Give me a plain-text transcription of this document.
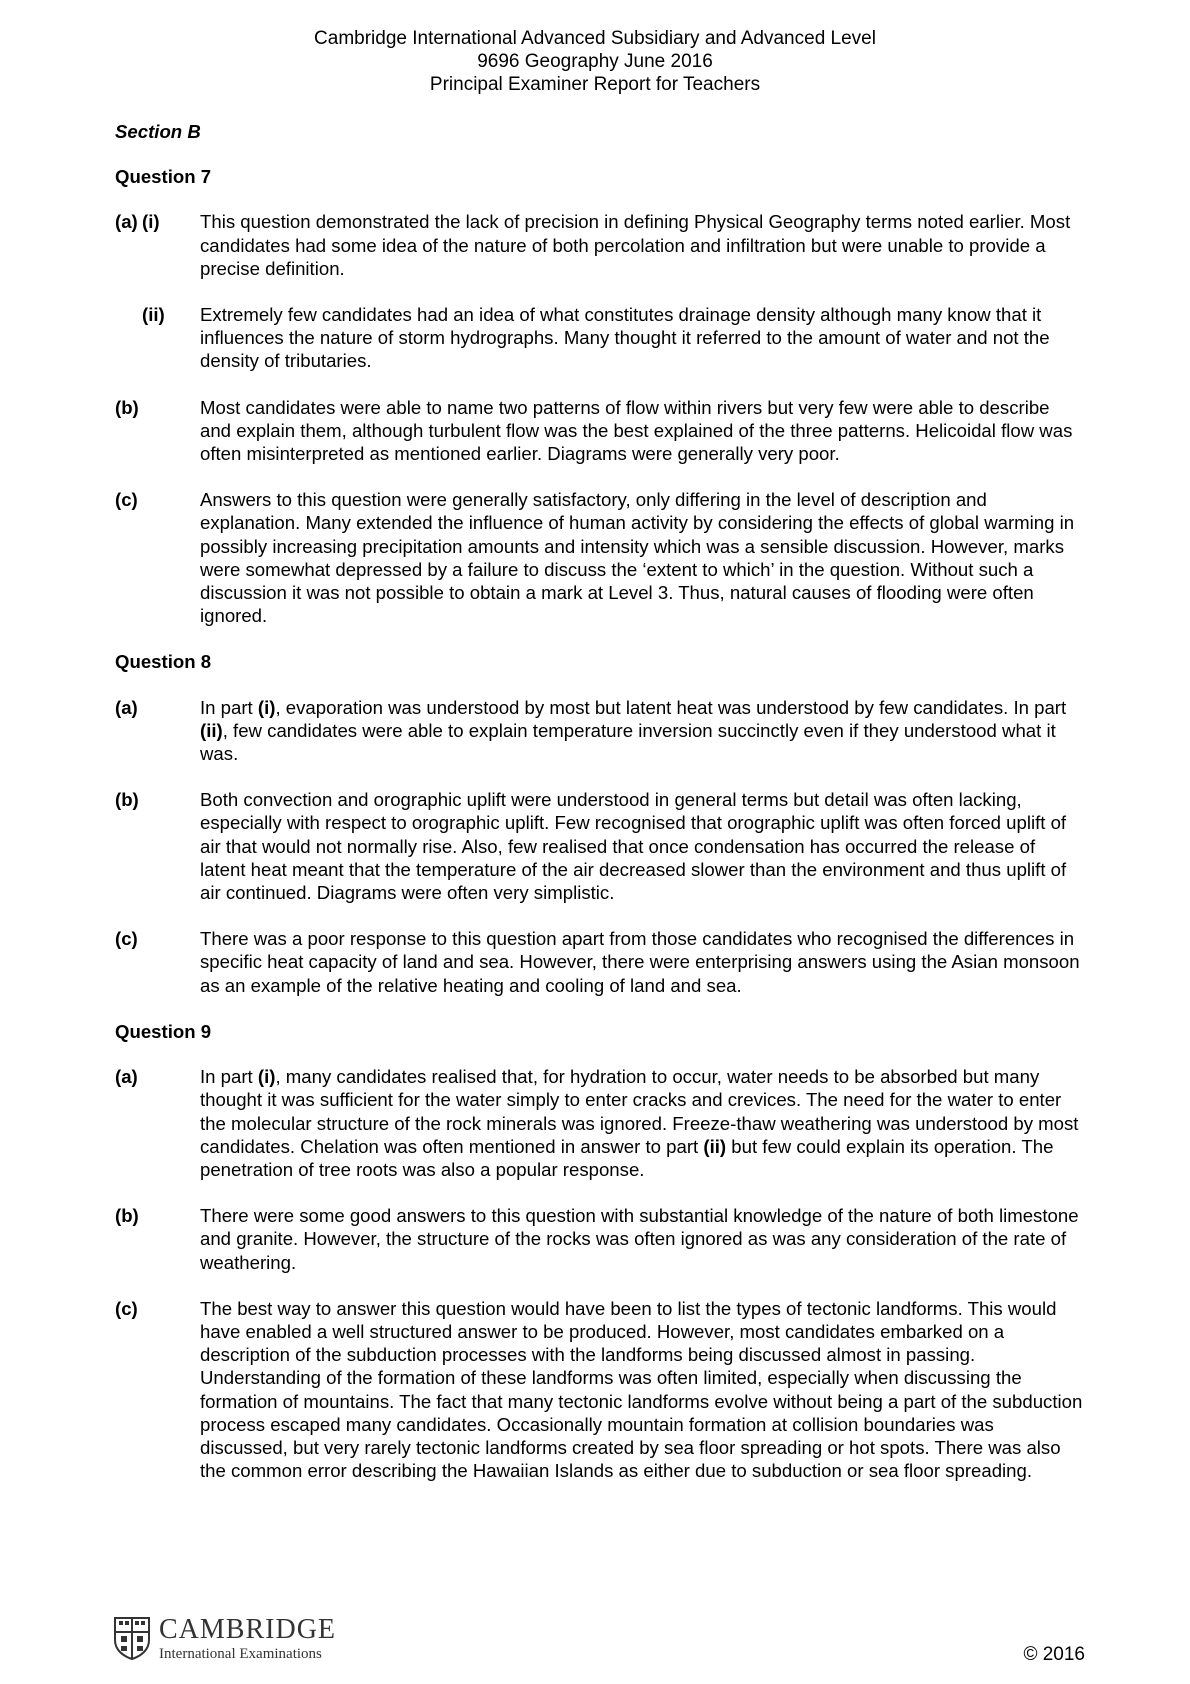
Cambridge International Advanced Subsidiary and Advanced Level
9696 Geography June 2016
Principal Examiner Report for Teachers
Section B
Question 7
(a) (i) This question demonstrated the lack of precision in defining Physical Geography terms noted earlier. Most candidates had some idea of the nature of both percolation and infiltration but were unable to provide a precise definition.
(ii) Extremely few candidates had an idea of what constitutes drainage density although many know that it influences the nature of storm hydrographs. Many thought it referred to the amount of water and not the density of tributaries.
(b)	Most candidates were able to name two patterns of flow within rivers but very few were able to describe and explain them, although turbulent flow was the best explained of the three patterns. Helicoidal flow was often misinterpreted as mentioned earlier. Diagrams were generally very poor.
(c)	Answers to this question were generally satisfactory, only differing in the level of description and explanation. Many extended the influence of human activity by considering the effects of global warming in possibly increasing precipitation amounts and intensity which was a sensible discussion. However, marks were somewhat depressed by a failure to discuss the ‘extent to which’ in the question. Without such a discussion it was not possible to obtain a mark at Level 3. Thus, natural causes of flooding were often ignored.
Question 8
(a)	In part (i), evaporation was understood by most but latent heat was understood by few candidates. In part (ii), few candidates were able to explain temperature inversion succinctly even if they understood what it was.
(b)	Both convection and orographic uplift were understood in general terms but detail was often lacking, especially with respect to orographic uplift. Few recognised that orographic uplift was often forced uplift of air that would not normally rise. Also, few realised that once condensation has occurred the release of latent heat meant that the temperature of the air decreased slower than the environment and thus uplift of air continued. Diagrams were often very simplistic.
(c)	There was a poor response to this question apart from those candidates who recognised the differences in specific heat capacity of land and sea. However, there were enterprising answers using the Asian monsoon as an example of the relative heating and cooling of land and sea.
Question 9
(a)	In part (i), many candidates realised that, for hydration to occur, water needs to be absorbed but many thought it was sufficient for the water simply to enter cracks and crevices. The need for the water to enter the molecular structure of the rock minerals was ignored. Freeze-thaw weathering was understood by most candidates. Chelation was often mentioned in answer to part (ii) but few could explain its operation. The penetration of tree roots was also a popular response.
(b)	There were some good answers to this question with substantial knowledge of the nature of both limestone and granite. However, the structure of the rocks was often ignored as was any consideration of the rate of weathering.
(c)	The best way to answer this question would have been to list the types of tectonic landforms. This would have enabled a well structured answer to be produced. However, most candidates embarked on a description of the subduction processes with the landforms being discussed almost in passing. Understanding of the formation of these landforms was often limited, especially when discussing the formation of mountains. The fact that many tectonic landforms evolve without being a part of the subduction process escaped many candidates. Occasionally mountain formation at collision boundaries was discussed, but very rarely tectonic landforms created by sea floor spreading or hot spots. There was also the common error describing the Hawaiian Islands as either due to subduction or sea floor spreading.
CAMBRIDGE
International Examinations	© 2016
